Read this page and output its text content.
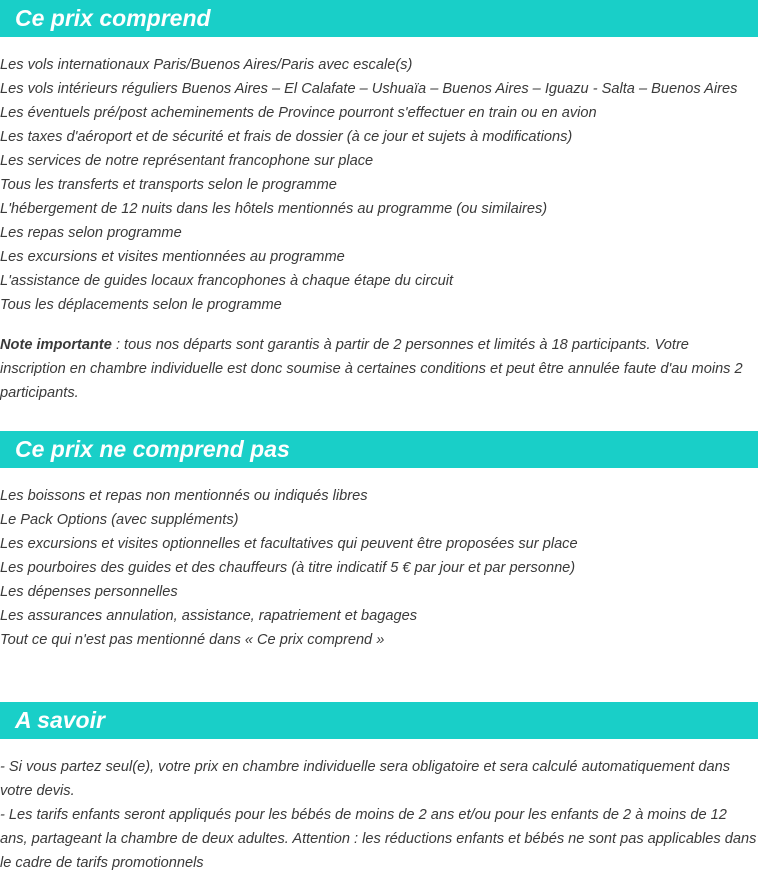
Ce prix comprend
Les vols internationaux Paris/Buenos Aires/Paris avec escale(s)
Les vols intérieurs réguliers Buenos Aires – El Calafate – Ushuaïa – Buenos Aires – Iguazu - Salta – Buenos Aires
Les éventuels pré/post acheminements de Province pourront s'effectuer en train ou en avion
Les taxes d'aéroport et de sécurité et frais de dossier (à ce jour et sujets à modifications)
Les services de notre représentant francophone sur place
Tous les transferts et transports selon le programme
L'hébergement de 12 nuits dans les hôtels mentionnés au programme (ou similaires)
Les repas selon programme
Les excursions et visites mentionnées au programme
L'assistance de guides locaux francophones à chaque étape du circuit
Tous les déplacements selon le programme

Note importante : tous nos départs sont garantis à partir de 2 personnes et limités à 18 participants. Votre inscription en chambre individuelle est donc soumise à certaines conditions et peut être annulée faute d'au moins 2 participants.

Ce prix ne comprend pas
Les boissons et repas non mentionnés ou indiqués libres
Le Pack Options (avec suppléments)
Les excursions et visites optionnelles et facultatives qui peuvent être proposées sur place
Les pourboires des guides et des chauffeurs (à titre indicatif 5 € par jour et par personne)
Les dépenses personnelles
Les assurances annulation, assistance, rapatriement et bagages
Tout ce qui n'est pas mentionné dans « Ce prix comprend »
A savoir

- Si vous partez seul(e), votre prix en chambre individuelle sera obligatoire et sera calculé automatiquement dans votre devis.

- Les tarifs enfants seront appliqués pour les bébés de moins de 2 ans et/ou pour les enfants de 2 à moins de 12 ans, partageant la chambre de deux adultes. Attention : les réductions enfants et bébés ne sont pas applicables dans le cadre de tarifs promotionnels
